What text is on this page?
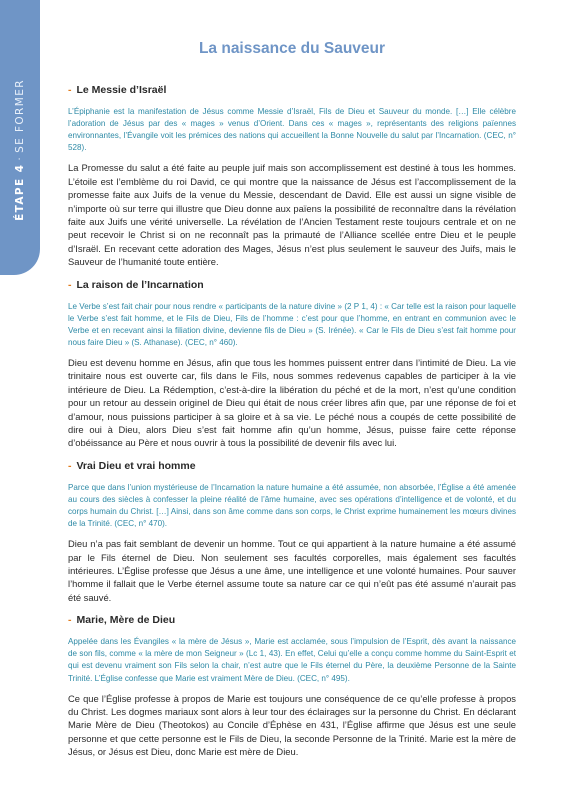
ÉTAPE 4·SE FORMER
La naissance du Sauveur
- Le Messie d’Israël

L’Épiphanie est la manifestation de Jésus comme Messie d’Israël, Fils de Dieu et Sauveur du monde. […] Elle célèbre l’adoration de Jésus par des « mages » venus d’Orient. Dans ces « mages », représentants des religions païennes environnantes, l’Évangile voit les prémices des nations qui accueillent la Bonne Nouvelle du salut par l’Incarnation. (CEC, n° 528).

La Promesse du salut a été faite au peuple juif mais son accomplissement est destiné à tous les hommes. L’étoile est l’emblème du roi David, ce qui montre que la naissance de Jésus est l’accomplissement de la promesse faite aux Juifs de la venue du Messie, descendant de David. Elle est aussi un signe visible de n’importe où sur terre qui illustre que Dieu donne aux païens la possibilité de reconnaître dans la révélation faite aux Juifs une vérité universelle. La révélation de l’Ancien Testament reste toujours centrale et on ne peut recevoir le Christ si on ne reconnaît pas la primauté de l’Alliance scellée entre Dieu et le peuple d’Israël. En recevant cette adoration des Mages, Jésus n’est plus seulement le sauveur des Juifs, mais le Sauveur de l’humanité toute entière.

- La raison de l’Incarnation

Le Verbe s’est fait chair pour nous rendre « participants de la nature divine » (2 P 1, 4) : « Car telle est la raison pour laquelle le Verbe s’est fait homme, et le Fils de Dieu, Fils de l’homme : c’est pour que l’homme, en entrant en communion avec le Verbe et en recevant ainsi la filiation divine, devienne fils de Dieu » (S. Irénée). « Car le Fils de Dieu s’est fait homme pour nous faire Dieu » (S. Athanase). (CEC, n° 460).

Dieu est devenu homme en Jésus, afin que tous les hommes puissent entrer dans l’intimité de Dieu. La vie trinitaire nous est ouverte car, fils dans le Fils, nous sommes redevenus capables de participer à la vie intérieure de Dieu. La Rédemption, c’est-à-dire la libération du péché et de la mort, n’est qu’une condition pour un retour au dessein originel de Dieu qui était de nous créer libres afin que, par une réponse de foi et d’amour, nous puissions participer à sa gloire et à sa vie. Le péché nous a coupés de cette possibilité de dire oui à Dieu, alors Dieu s’est fait homme afin qu’un homme, Jésus, puisse faire cette réponse d’obéissance au Père et nous ouvrir à tous la possibilité de devenir fils avec lui.

- Vrai Dieu et vrai homme

Parce que dans l’union mystérieuse de l’Incarnation la nature humaine a été assumée, non absorbée, l’Église a été amenée au cours des siècles à confesser la pleine réalité de l’âme humaine, avec ses opérations d’intelligence et de volonté, et du corps humain du Christ. […] Ainsi, dans son âme comme dans son corps, le Christ exprime humainement les mœurs divines de la Trinité. (CEC, n° 470).

Dieu n’a pas fait semblant de devenir un homme. Tout ce qui appartient à la nature humaine a été assumé par le Fils éternel de Dieu. Non seulement ses facultés corporelles, mais également ses facultés intérieures. L’Église professe que Jésus a une âme, une intelligence et une volonté humaines. Pour sauver l’homme il fallait que le Verbe éternel assume toute sa nature car ce qui n’eût pas été assumé n’aurait pas été sauvé.

- Marie, Mère de Dieu

Appelée dans les Évangiles « la mère de Jésus », Marie est acclamée, sous l’impulsion de l’Esprit, dès avant la naissance de son fils, comme « la mère de mon Seigneur » (Lc 1, 43). En effet, Celui qu’elle a conçu comme homme du Saint-Esprit et qui est devenu vraiment son Fils selon la chair, n’est autre que le Fils éternel du Père, la deuxième Personne de la Sainte Trinité. L’Église confesse que Marie est vraiment Mère de Dieu. (CEC, n° 495).

Ce que l’Église professe à propos de Marie est toujours une conséquence de ce qu’elle professe à propos du Christ. Les dogmes mariaux sont alors à leur tour des éclairages sur la personne du Christ. En déclarant Marie Mère de Dieu (Theotokos) au Concile d’Éphèse en 431, l’Église affirme que Jésus est une seule personne et que cette personne est le Fils de Dieu, la seconde Personne de la Trinité. Marie est la mère de Jésus, or Jésus est Dieu, donc Marie est mère de Dieu.
